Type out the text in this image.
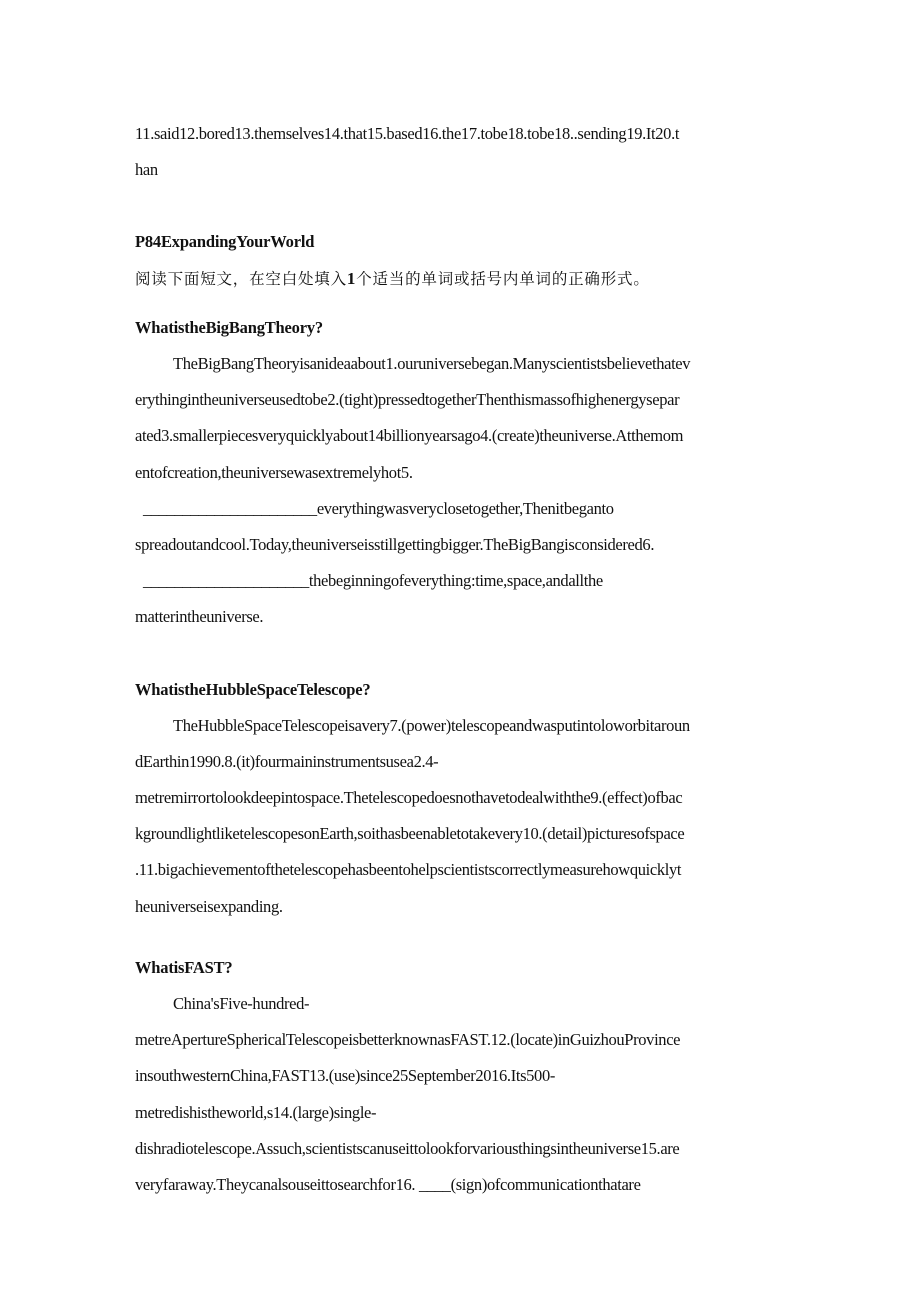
11.said12.bored13.themselves14.that15.based16.the17.tobe18.tobe18..sending19.It20.t
han
P84ExpandingYourWorld
阅读下面短文，在空白处填入1个适当的单词或括号内单词的正确形式。
WhatistheBigBangTheory?
TheBigBangTheoryisanideaabout1.ouruniversebegan.Manyscientistsbelievethatev
erythingintheuniverseusedtobe2.(tight)pressedtogetherThenthismassofhighenergysepar
ated3.smallerpiecesveryquicklyabout14billionyearsago4.(create)theuniverse.Atthemom
entofcreation,theuniversewasextremelyhot5.
______________________everythingwasveryclosetogether,Thenitbeganto
spreadoutandcool.Today,theuniverseisstillgettingbigger.TheBigBangisconsidered6.
_____________________thebeginningofeverything:time,space,andallthe
matterintheuniverse.
WhatistheHubbleSpaceTelescope?
TheHubbleSpaceTelescopeisavery7.(power)telescopeandwasputintoloworbitaroun
dEarthin1990.8.(it)fourmaininstrumentsusea2.4-
metremirrortolookdeepintospace.Thetelescopedoesnothavetodealwiththe9.(effect)ofbac
kgroundlightliketelescopesonEarth,soithasbeenabletotakevery10.(detail)picturesofspace
.11.bigachievementofthetelescopehasbeentohelpscientistscorrectlymeasurehowquicklyt
heuniverseisexpanding.
WhatisFAST?
China'sFive-hundred-
metreApertureSphericalTelescopeisbetterknownasFAST.12.(locate)inGuizhouProvince
insouthwesternChina,FAST13.(use)since25September2016.Its500-
metredishistheworld,s14.(large)single-
dishradiotelescope.Assuch,scientistscanuseittolookforvariousthingsintheuniverse15.are
veryfaraway.Theycanalsouseittosearchfor16. ____(sign)ofcommunicationthatare
